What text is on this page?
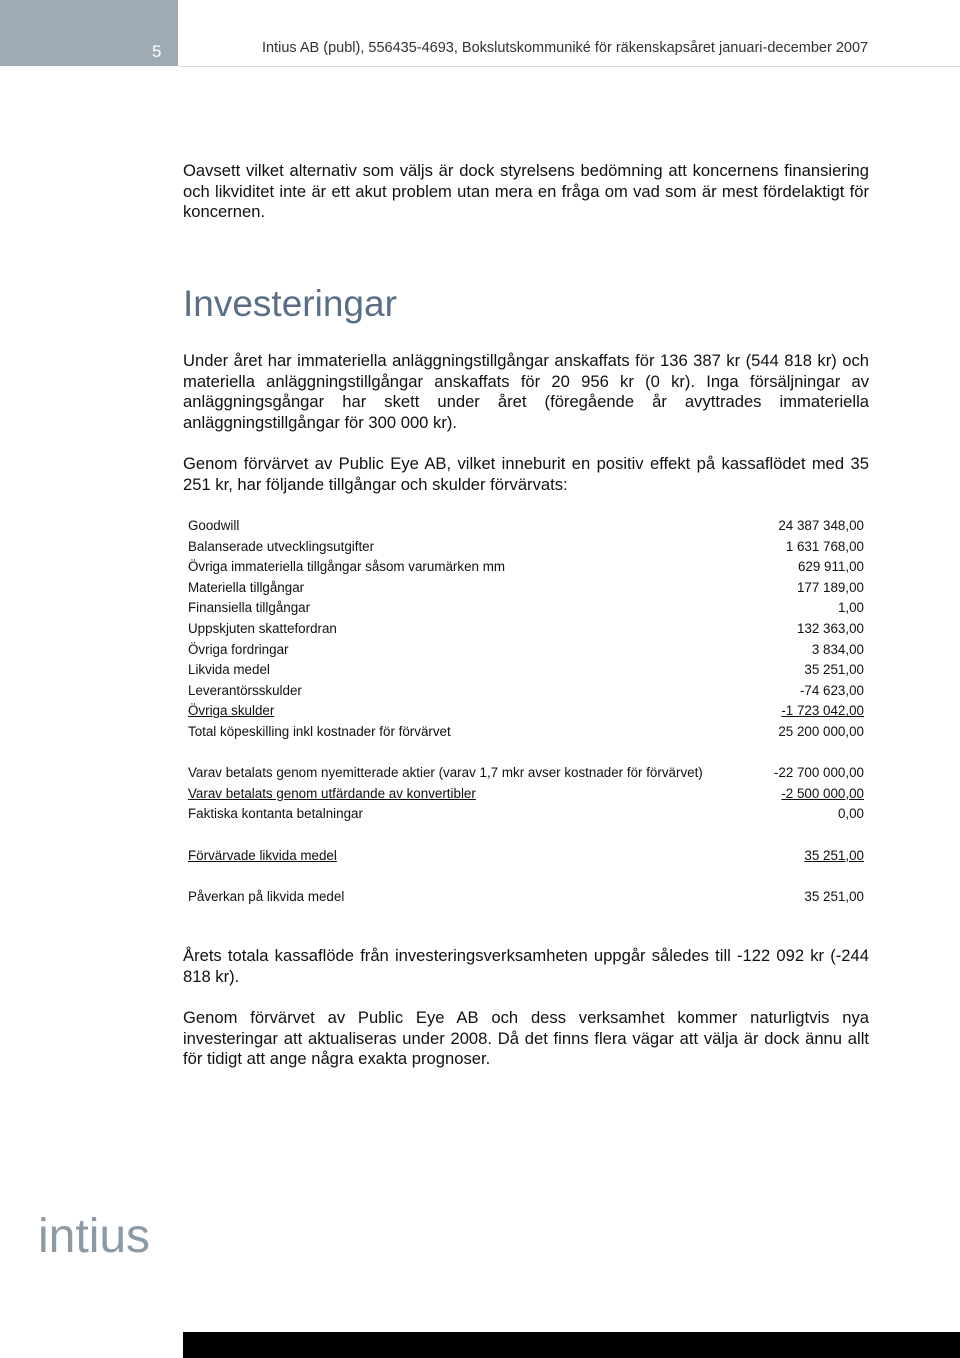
5	Intius AB (publ), 556435-4693, Bokslutskommuniké för räkenskapsåret januari-december 2007

Oavsett vilket alternativ som väljs är dock styrelsens bedömning att koncernens finansiering och likviditet inte är ett akut problem utan mera en fråga om vad som är mest fördelaktigt för koncernen.

Investeringar

Under året har immateriella anläggningstillgångar anskaffats för 136 387 kr (544 818 kr) och materiella anläggningstillgångar anskaffats för 20 956 kr (0 kr). Inga försäljningar av anläggningsgångar har skett under året (föregående år avyttrades immateriella anläggningstillgångar för 300 000 kr).

Genom förvärvet av Public Eye AB, vilket inneburit en positiv effekt på kassaflödet med 35 251 kr, har följande tillgångar och skulder förvärvats:

Goodwill	24 387 348,00
Balanserade utvecklingsutgifter	1 631 768,00
Övriga immateriella tillgångar såsom varumärken mm	629 911,00
Materiella tillgångar	177 189,00
Finansiella tillgångar	1,00
Uppskjuten skattefordran	132 363,00
Övriga fordringar	3 834,00
Likvida medel	35 251,00
Leverantörsskulder	-74 623,00
Övriga skulder	-1 723 042,00
Total köpeskilling inkl kostnader för förvärvet	25 200 000,00
Varav betalats genom nyemitterade aktier (varav 1,7 mkr avser kostnader för förvärvet)	-22 700 000,00
Varav betalats genom utfärdande av konvertibler	-2 500 000,00
Faktiska kontanta betalningar	0,00
Förvärvade likvida medel	35 251,00
Påverkan på likvida medel	35 251,00

Årets totala kassaflöde från investeringsverksamheten uppgår således till -122 092 kr (-244 818 kr).

Genom förvärvet av Public Eye AB och dess verksamhet kommer naturligtvis nya investeringar att aktualiseras under 2008. Då det finns flera vägar att välja är dock ännu allt för tidigt att ange några exakta prognoser.

intius
